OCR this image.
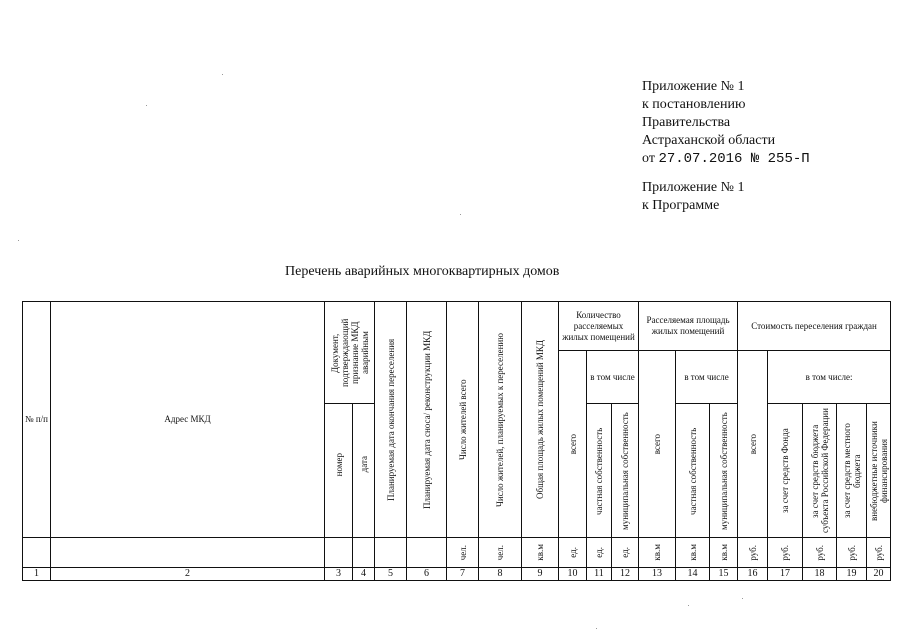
Приложение № 1
к постановлению
Правительства
Астраханской области
от 27.07.2016 № 255-П
Приложение № 1
к Программе
Перечень аварийных многоквартирных домов
№ п/п	Адрес МКД	Документ, подтверждающий признание МКД аварийным		Планируемая дата окончания переселения	Планируемая дата сноса/ реконструкции МКД	Число жителей всего	Число жителей, планируемых к переселению	Общая площадь жилых помещений МКД	Количество расселяемых жилых помещений			Расселяемая площадь жилых помещений			Стоимость переселения граждан				

									всего	в том числе		всего	в том числе		всего	в том числе:			

		номер	дата							частная собственность	муниципальная собственность		частная собственность	муниципальная собственность		за счет средств Фонда	за счет средств бюджета субъекта Российской Федерации	за счет средств местного бюджета	внебюджетные источники финансирования

						чел.	чел.	кв.м	ед.	ед.	ед.	кв.м	кв.м	кв.м	руб.	руб.	руб.	руб.	руб.

1	2	3	4	5	6	7	8	9	10	11	12	13	14	15	16	17	18	19	20
